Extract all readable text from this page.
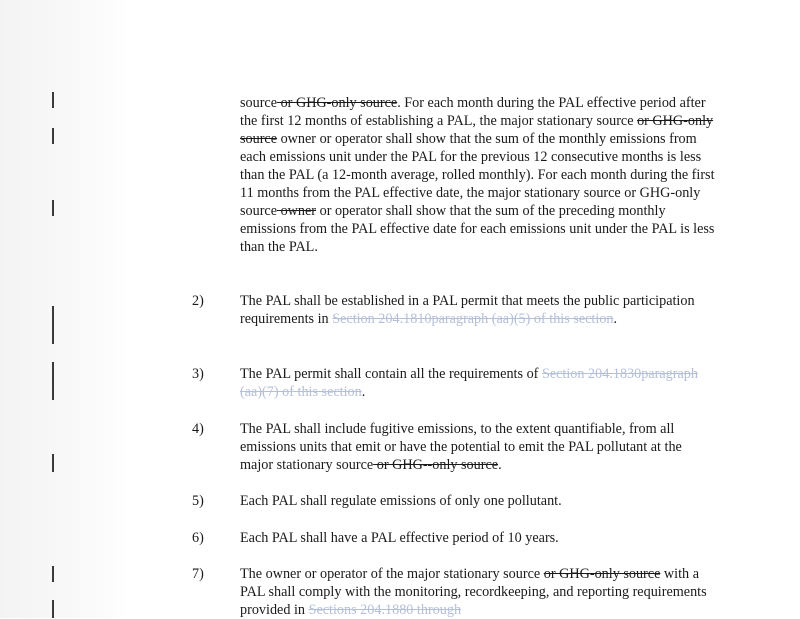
source or GHG-only source. For each month during the PAL effective period after the first 12 months of establishing a PAL, the major stationary source or GHG-only source owner or operator shall show that the sum of the monthly emissions from each emissions unit under the PAL for the previous 12 consecutive months is less than the PAL (a 12-month average, rolled monthly). For each month during the first 11 months from the PAL effective date, the major stationary source or GHG-only source owner or operator shall show that the sum of the preceding monthly emissions from the PAL effective date for each emissions unit under the PAL is less than the PAL.

2)	The PAL shall be established in a PAL permit that meets the public participation requirements in Section 204.1810paragraph (aa)(5) of this section.

3)	The PAL permit shall contain all the requirements of Section 204.1830paragraph (aa)(7) of this section.

4)	The PAL shall include fugitive emissions, to the extent quantifiable, from all emissions units that emit or have the potential to emit the PAL pollutant at the major stationary source or GHG--only source.

5)	Each PAL shall regulate emissions of only one pollutant.

6)	Each PAL shall have a PAL effective period of 10 years.

7)	The owner or operator of the major stationary source or GHG-only source with a PAL shall comply with the monitoring, recordkeeping, and reporting requirements provided in Sections 204.1880 through
